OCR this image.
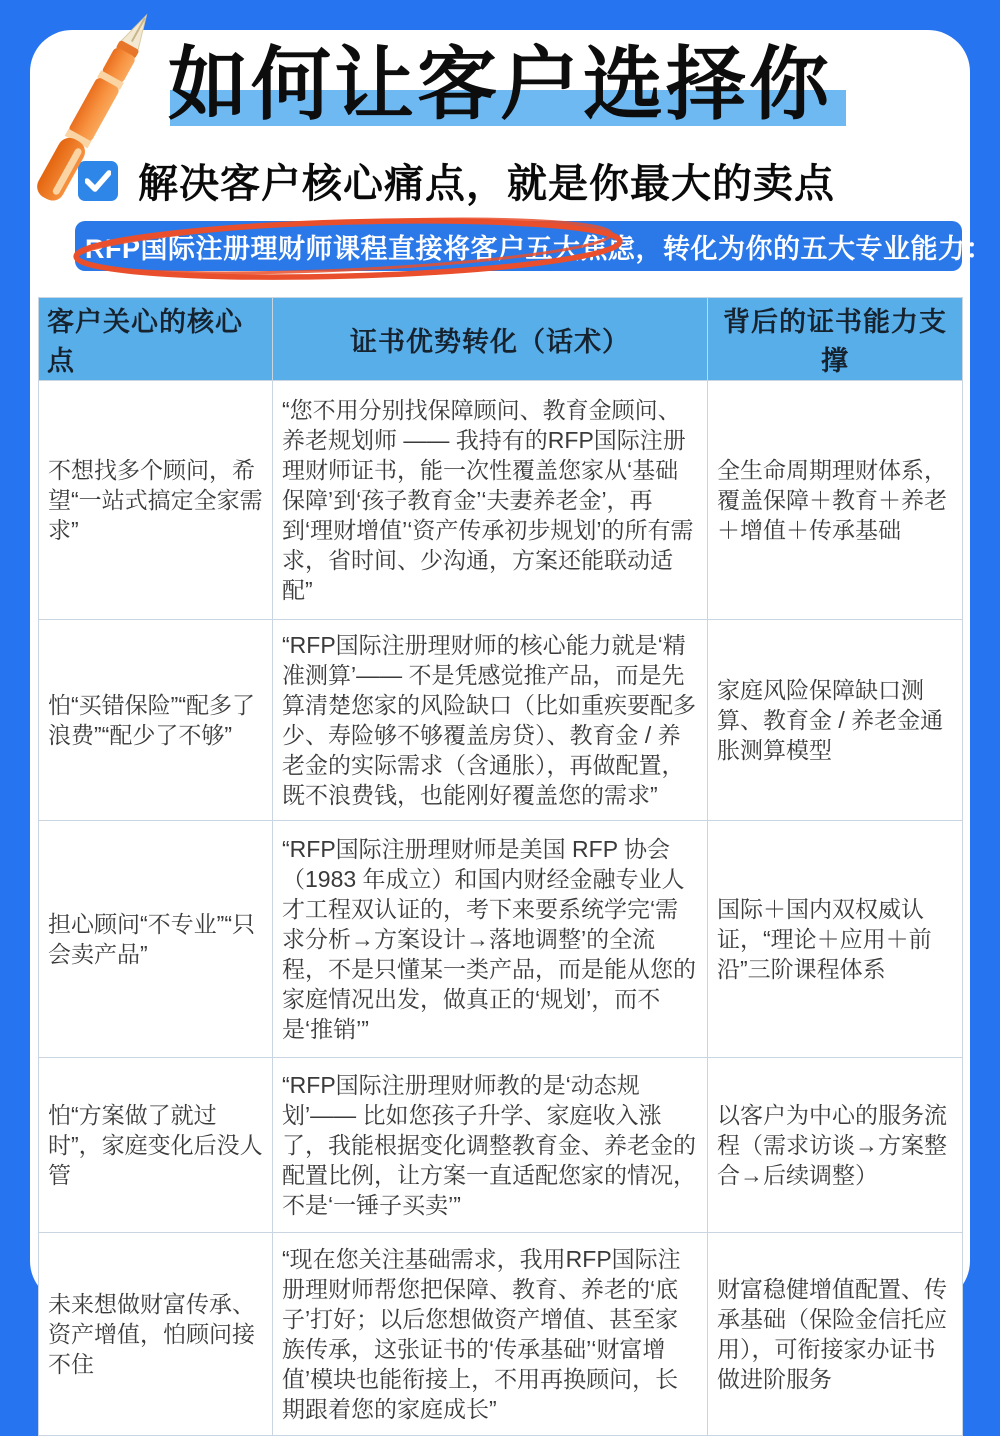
如何让客户选择你
解决客户核心痛点，就是你最大的卖点
RFP国际注册理财师课程 直接将客户五大焦虑，转化为你的五大专业能力：
客户关心的核心点	证书优势转化（话术）	背后的证书能力支撑
不想找多个顾问，希望“一站式搞定全家需求”	“您不用分别找保障顾问、教育金顾问、养老规划师 —— 我持有的RFP国际注册理财师证书，能一次性覆盖您家从‘基础保障’到‘孩子教育金’‘夫妻养老金’，再到‘理财增值’‘资产传承初步规划’的所有需求，省时间、少沟通，方案还能联动适配”	全生命周期理财体系，覆盖保障＋教育＋养老＋增值＋传承基础
怕“买错保险”“配多了浪费”“配少了不够”	“RFP国际注册理财师的核心能力就是‘精准测算’—— 不是凭感觉推产品，而是先算清楚您家的风险缺口（比如重疾要配多少、寿险够不够覆盖房贷）、教育金 / 养老金的实际需求（含通胀），再做配置，既不浪费钱，也能刚好覆盖您的需求”	家庭风险保障缺口测算、教育金 / 养老金通胀测算模型
担心顾问“不专业”“只会卖产品”	“RFP国际注册理财师是美国 RFP 协会（1983 年成立）和国内财经金融专业人才工程双认证的，考下来要系统学完‘需求分析→方案设计→落地调整’的全流程，不是只懂某一类产品，而是能从您的家庭情况出发，做真正的‘规划’，而不是‘推销’”	国际＋国内双权威认证，“理论＋应用＋前沿”三阶课程体系
怕“方案做了就过时”，家庭变化后没人管	“RFP国际注册理财师教的是‘动态规划’—— 比如您孩子升学、家庭收入涨了，我能根据变化调整教育金、养老金的配置比例，让方案一直适配您家的情况，不是‘一锤子买卖’”	以客户为中心的服务流程（需求访谈→方案整合→后续调整）
未来想做财富传承、资产增值，怕顾问接不住	“现在您关注基础需求，我用RFP国际注册理财师帮您把保障、教育、养老的‘底子’打好；以后您想做资产增值、甚至家族传承，这张证书的‘传承基础’‘财富增值’模块也能衔接上，不用再换顾问，长期跟着您的家庭成长”	财富稳健增值配置、传承基础（保险金信托应用），可衔接家办证书做进阶服务
